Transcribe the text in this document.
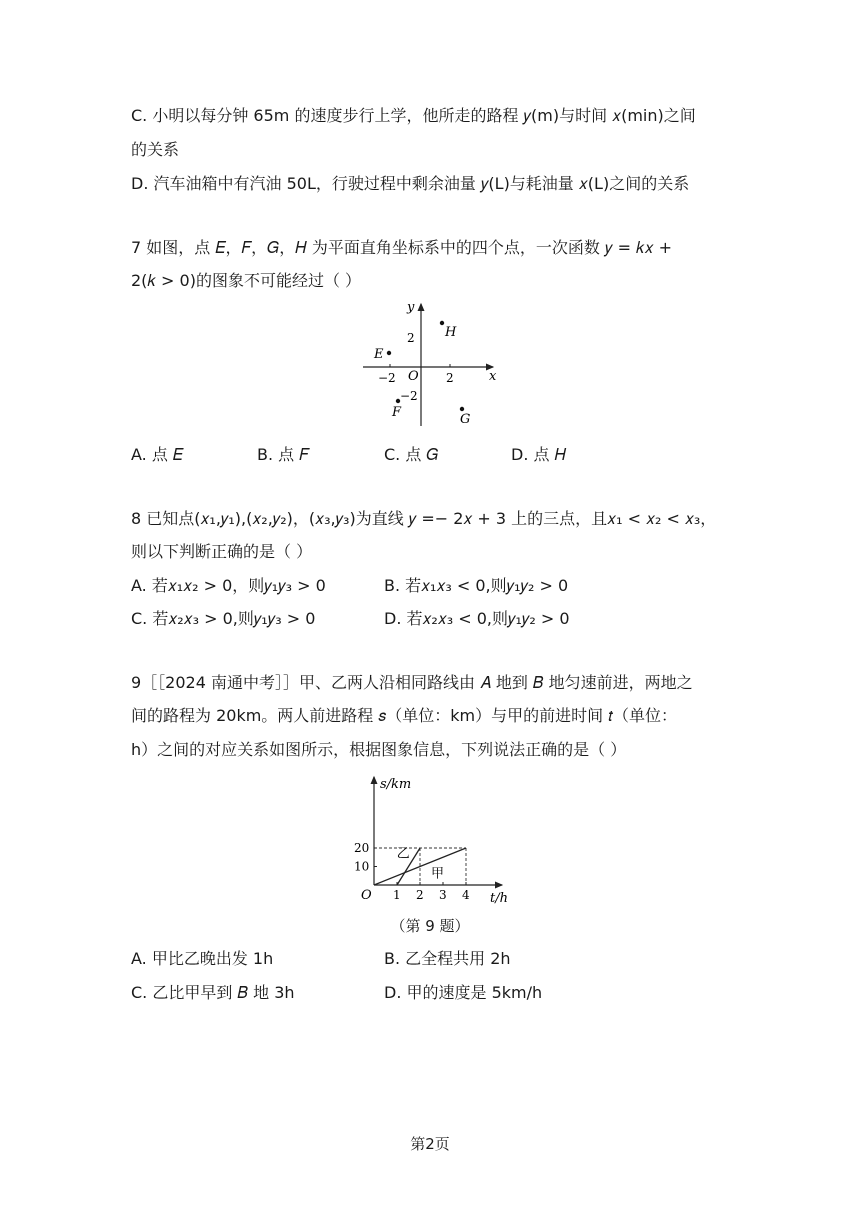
C. 小明以每分钟 65m 的速度步行上学，他所走的路程 𝑦(m)与时间 𝑥(min)之间
的关系
D. 汽车油箱中有汽油 50L，行驶过程中剩余油量 𝑦(L)与耗油量 𝑥(L)之间的关系
7 如图，点 𝐸，𝐹，𝐺，𝐻 为平面直角坐标系中的四个点，一次函数 𝑦 = 𝑘𝑥 +
2(𝑘 > 0)的图象不可能经过（ ）
x
y
O
−2	2
2
−2
E
H
F	G
A. 点 𝐸	B. 点 𝐹	C. 点 𝐺	D. 点 𝐻
8 已知点(𝑥₁,𝑦₁),(𝑥₂,𝑦₂)，(𝑥₃,𝑦₃)为直线 𝑦 =− 2𝑥 + 3 上的三点，且𝑥₁ < 𝑥₂ < 𝑥₃，
则以下判断正确的是（ ）
A. 若𝑥₁𝑥₂ > 0，则𝑦₁𝑦₃ > 0	B. 若𝑥₁𝑥₃ < 0,则𝑦₁𝑦₂ > 0
C. 若𝑥₂𝑥₃ > 0,则𝑦₁𝑦₃ > 0	D. 若𝑥₂𝑥₃ < 0,则𝑦₁𝑦₂ > 0
9［［2024 南通中考］］甲、乙两人沿相同路线由 𝐴 地到 𝐵 地匀速前进，两地之
间的路程为 20km。两人前进路程 𝑠（单位：km）与甲的前进时间 𝑡（单位：
h）之间的对应关系如图所示，根据图象信息，下列说法正确的是（ ）
s/km
t/h
O 1 2 3 4
10
20
甲
乙
（第 9 题）
A. 甲比乙晚出发 1h	B. 乙全程共用 2h
C. 乙比甲早到 𝐵 地 3h	D. 甲的速度是 5km/h
第2页
